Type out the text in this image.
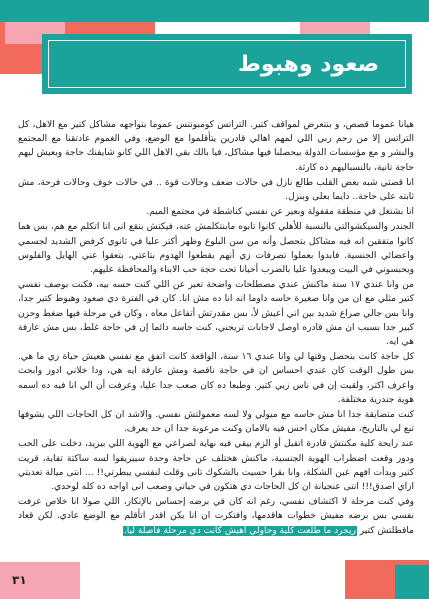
صعود وهبوط

هيانا عموما قصص، و بنتعرض لمواقف كتير. التراتس كومبونتس عموما بتواجهه مشاكل كتير مع الاهل، كل التراتس إلا من رحم ربي اللي لمهم اهالي قادرين يتأقلموا مع الوضع، وفي الغموم عادتقنا مع المجتمع والبشر و مع مؤسسات الدولة بيحصلنا فيها مشاكل، فيا بالك بقى الاهل اللي كانو شايفنك حاجة وبعيش ليهم حاجة تانية، بالنسباليهم ده كارثة.

انا قصتي شبه بعض القلب طالع نازل في حالات ضعف وحالات قوة .. في حالات خوف وحالات فرحة، مش ثابته على حاجة.. دايما بعلى وبنزل.

انا بشتغل في منطقة مقفولة وبعير عن نفسي كناشطة في مجتمع الميم.

الجندر والسيكشوالتي بالنسبة للأهلي كانوا تابوه مابنتكلمش عنه، فيكتش بنقع انى انا اتكلم مع هم، بس هما كانوا متفقين انه فيه مشاكل بتحصل وأنه من سن البلوغ وظهر أكتر عليا في ثانوي كرفض الشديد لجسمي واعضائي الجنسية. فابدوا بعملوا تصرفات زي أنهم يقطعوا الهدوم بتاعتي، بتعقوا عني الهايل والفلوس ويحبسوني في البيت ويبعدوا عليا بالضرب أحيانا تحت حجة حب الابناء والمحافظة عليهم.

من وانا عندي ١٧ سنة ماكنش عندي مصطلحات واضحة تعبر عن اللي كنت حسه بيه، فكنت بوصف نفسي كتير مثلي مع ان من وانا صغيرة حاسه داوما انه انا ده مش انا. كان في الفترة دي صعود وهبوط كتير جدا، وانا بس جالي صراع شديد بين اني أعيش لأ، بس مقدرتش أتفاعل معاه ، وكان في مرحلة فيها ضغط وحزن كبير جدا بسبب ان مش قادره اوصل لاجابات تريحني، كنت حاسه دائما إن في حاجة غلط، بس مش عارفة هي ايه.

كل حاجة كانت بتحصل وقتها لي وانا عندي ١٦ سنة، الواقعة كانت اتفق مع نفسي هعيش حياة زي ما هي. بس طول الوقت كان عندي احساس ان في حاجة ناقصة ومش عارفة ايه هي، ودا خلاني ادور وابحث واعرف اكتر، ولقيت إن في ناس زيي كتير. وطبعا ده كان صعب جدا عليا، وعرفت أن الي انا فيه ده اسمه هوية جندرية مختلفة.

كنت متضايقة جدا انا مش حاسه مع ميولي ولا لسه معمولتش نفسي. والاشد ان كل الحاجات اللي بشوفها تبع لي بالتاريخ، مفيش مكان احس فيه بالامان وكنت مرعوبة جدا ان حد يعرف.

عند رايحة كلية مكنتش قادرة اتقبل أو الزم بيقي فيه نهاية لصراعي مع الهوية اللي بيزيد، دخلت على الحب ودور وقعت اضطراب الهوية الجنسية، ماكنش هختلف عن حاجة وحدة سيبريفوا لسه ساكتة تفاية، قريت كتير ويدأت افهم عين الشكلة، وانا بقرا حسيت بالشكوك تانى وقلت لنفسي يبطرتي!! ... انتى ميالة تعديتي ازاي اصدق!!! انتى عنجيانة ان كل الحاجات دي هتكون في حياتي وصعب انى اواجه ده كله لوحدي.

وفي كنت مرحلة لا اكتشاف نفسي، رغم انه كان في برضه إحساس بالإنكار، اللي صولا انا خلاص عرفت نفسي بس برضه مفيش خطوات هاقدمها، وافتكرت ان انا يكن اقدر اتأقلم مع الوضع عادي. لكن قعاد ماقطلتش كتير ريجرد ما طلعت كلية وحاولي اهيش كانت دي مرحلة فاصلة ليا.

٣١
